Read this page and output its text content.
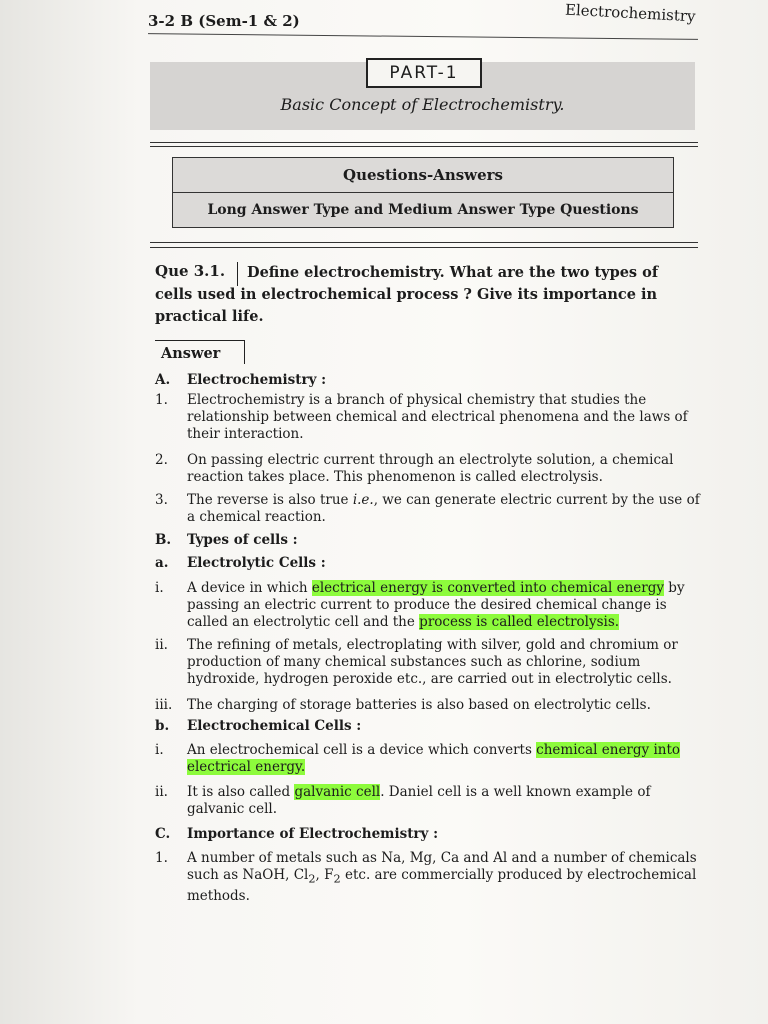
3-2 B (Sem-1 & 2)	Electrochemistry
PART-1
Basic Concept of Electrochemistry.
Questions-Answers
Long Answer Type and Medium Answer Type Questions
Define electrochemistry. What are the two types of cells used in electrochemical process ? Give its importance in practical life.
Que 3.1.
Answer
A.	Electrochemistry :
1.	Electrochemistry is a branch of physical chemistry that studies the relationship between chemical and electrical phenomena and the laws of their interaction.
2.	On passing electric current through an electrolyte solution, a chemical reaction takes place. This phenomenon is called electrolysis.
3.	The reverse is also true i.e., we can generate electric current by the use of a chemical reaction.
B.	Types of cells :
a.	Electrolytic Cells :
i.	A device in which electrical energy is converted into chemical energy by passing an electric current to produce the desired chemical change is called an electrolytic cell and the process is called electrolysis.
ii.	The refining of metals, electroplating with silver, gold and chromium or production of many chemical substances such as chlorine, sodium hydroxide, hydrogen peroxide etc., are carried out in electrolytic cells.
iii.	The charging of storage batteries is also based on electrolytic cells.
b.	Electrochemical Cells :
i.	An electrochemical cell is a device which converts chemical energy into electrical energy.
ii.	It is also called galvanic cell. Daniel cell is a well known example of galvanic cell.
C.	Importance of Electrochemistry :
1.	A number of metals such as Na, Mg, Ca and Al and a number of chemicals such as NaOH, $Cl_2$, $F_2$ etc. are commercially produced by electrochemical methods.
